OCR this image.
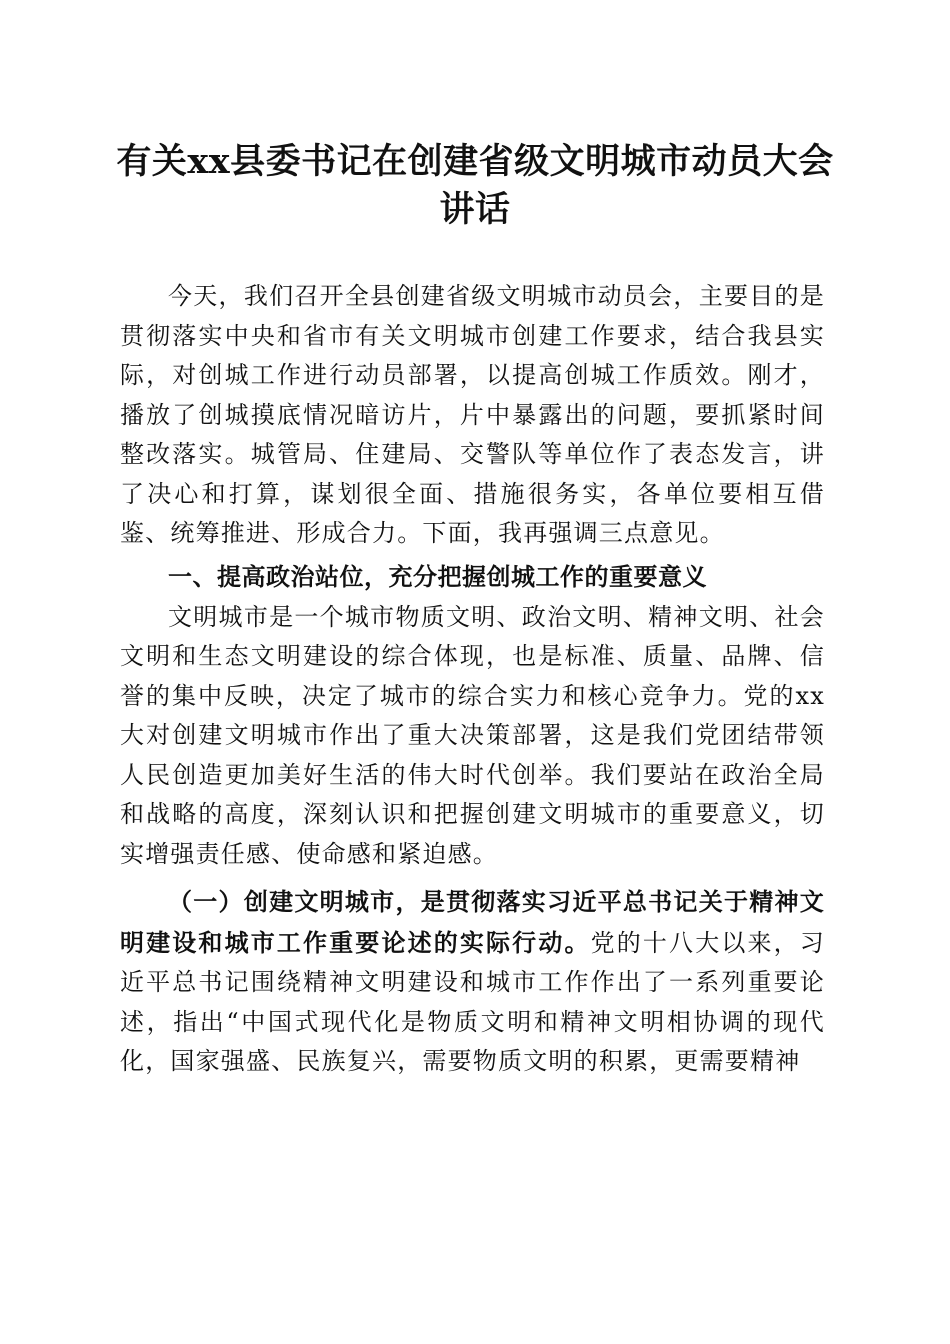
有关xx县委书记在创建省级文明城市动员大会讲话

今天，我们召开全县创建省级文明城市动员会，主要目的是贯彻落实中央和省市有关文明城市创建工作要求，结合我县实际，对创城工作进行动员部署，以提高创城工作质效。刚才，播放了创城摸底情况暗访片，片中暴露出的问题，要抓紧时间整改落实。城管局、住建局、交警队等单位作了表态发言，讲了决心和打算，谋划很全面、措施很务实，各单位要相互借鉴、统筹推进、形成合力。下面，我再强调三点意见。

一、提高政治站位，充分把握创城工作的重要意义

文明城市是一个城市物质文明、政治文明、精神文明、社会文明和生态文明建设的综合体现，也是标准、质量、品牌、信誉的集中反映，决定了城市的综合实力和核心竞争力。党的xx大对创建文明城市作出了重大决策部署，这是我们党团结带领人民创造更加美好生活的伟大时代创举。我们要站在政治全局和战略的高度，深刻认识和把握创建文明城市的重要意义，切实增强责任感、使命感和紧迫感。

（一）创建文明城市，是贯彻落实习近平总书记关于精神文明建设和城市工作重要论述的实际行动。党的十八大以来，习近平总书记围绕精神文明建设和城市工作作出了一系列重要论述，指出“中国式现代化是物质文明和精神文明相协调的现代化，国家强盛、民族复兴，需要物质文明的积累，更需要精神
